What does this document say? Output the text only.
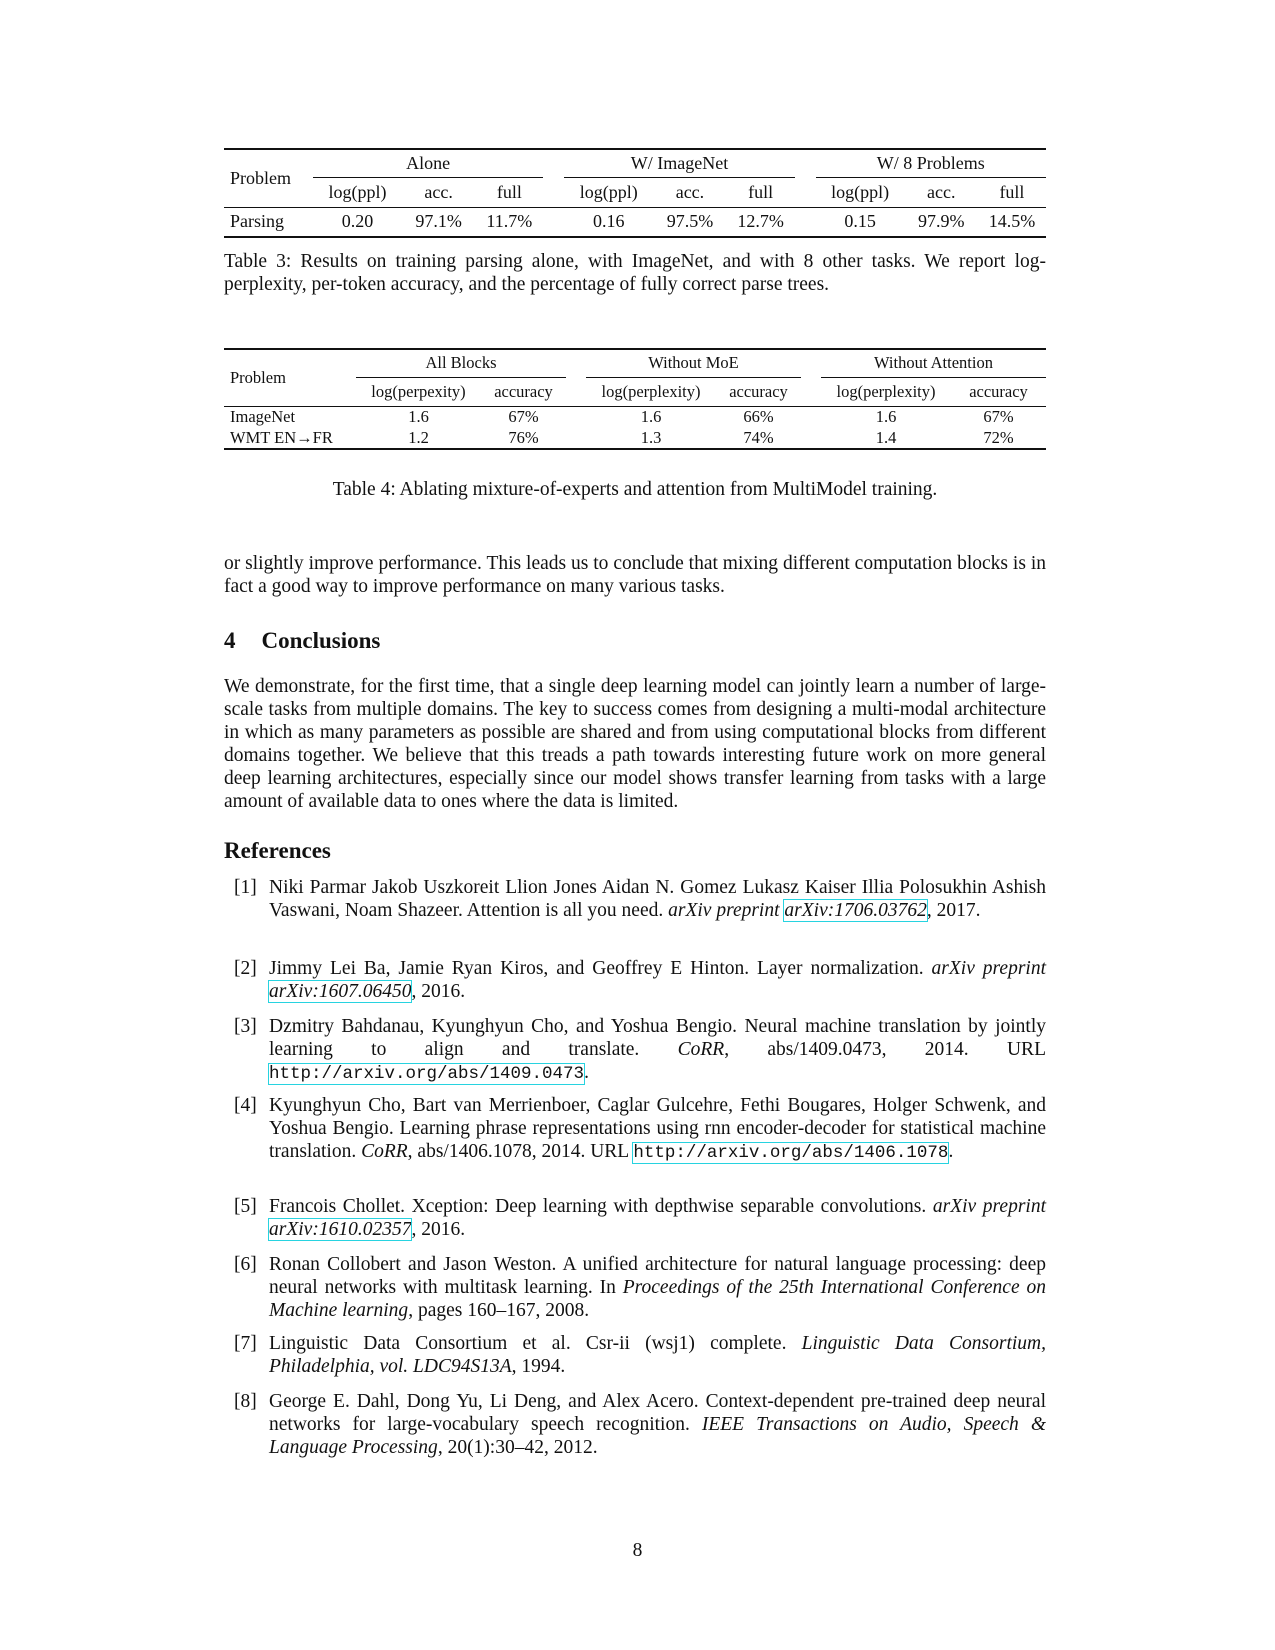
Problem	Alone				W/ ImageNet				W/ 8 Problems		
	log(ppl)	acc.	full		log(ppl)	acc.	full		log(ppl)	acc.	full
Parsing	0.20	97.1%	11.7%		0.16	97.5%	12.7%		0.15	97.9%	14.5%
Table 3: Results on training parsing alone, with ImageNet, and with 8 other tasks. We report log-perplexity, per-token accuracy, and the percentage of fully correct parse trees.
Problem	All Blocks			Without MoE			Without Attention	
	log(perpexity)	accuracy		log(perplexity)	accuracy		log(perplexity)	accuracy
ImageNet	1.6	67%		1.6	66%		1.6	67%
WMT EN→FR	1.2	76%		1.3	74%		1.4	72%
Table 4: Ablating mixture-of-experts and attention from MultiModel training.
or slightly improve performance. This leads us to conclude that mixing different computation blocks is in fact a good way to improve performance on many various tasks.
4 Conclusions
We demonstrate, for the first time, that a single deep learning model can jointly learn a number of large-scale tasks from multiple domains. The key to success comes from designing a multi-modal architecture in which as many parameters as possible are shared and from using computational blocks from different domains together. We believe that this treads a path towards interesting future work on more general deep learning architectures, especially since our model shows transfer learning from tasks with a large amount of available data to ones where the data is limited.
References
[1] Niki Parmar Jakob Uszkoreit Llion Jones Aidan N. Gomez Lukasz Kaiser Illia Polosukhin Ashish Vaswani, Noam Shazeer. Attention is all you need. arXiv preprint arXiv:1706.03762, 2017.
[2] Jimmy Lei Ba, Jamie Ryan Kiros, and Geoffrey E Hinton. Layer normalization. arXiv preprint arXiv:1607.06450, 2016.
[3] Dzmitry Bahdanau, Kyunghyun Cho, and Yoshua Bengio. Neural machine translation by jointly learning to align and translate. CoRR, abs/1409.0473, 2014. URL http://arxiv.org/abs/1409.0473.
[4] Kyunghyun Cho, Bart van Merrienboer, Caglar Gulcehre, Fethi Bougares, Holger Schwenk, and Yoshua Bengio. Learning phrase representations using rnn encoder-decoder for statistical machine translation. CoRR, abs/1406.1078, 2014. URL http://arxiv.org/abs/1406.1078.
[5] Francois Chollet. Xception: Deep learning with depthwise separable convolutions. arXiv preprint arXiv:1610.02357, 2016.
[6] Ronan Collobert and Jason Weston. A unified architecture for natural language processing: deep neural networks with multitask learning. In Proceedings of the 25th International Conference on Machine learning, pages 160–167, 2008.
[7] Linguistic Data Consortium et al. Csr-ii (wsj1) complete. Linguistic Data Consortium, Philadelphia, vol. LDC94S13A, 1994.
[8] George E. Dahl, Dong Yu, Li Deng, and Alex Acero. Context-dependent pre-trained deep neural networks for large-vocabulary speech recognition. IEEE Transactions on Audio, Speech & Language Processing, 20(1):30–42, 2012.
8
